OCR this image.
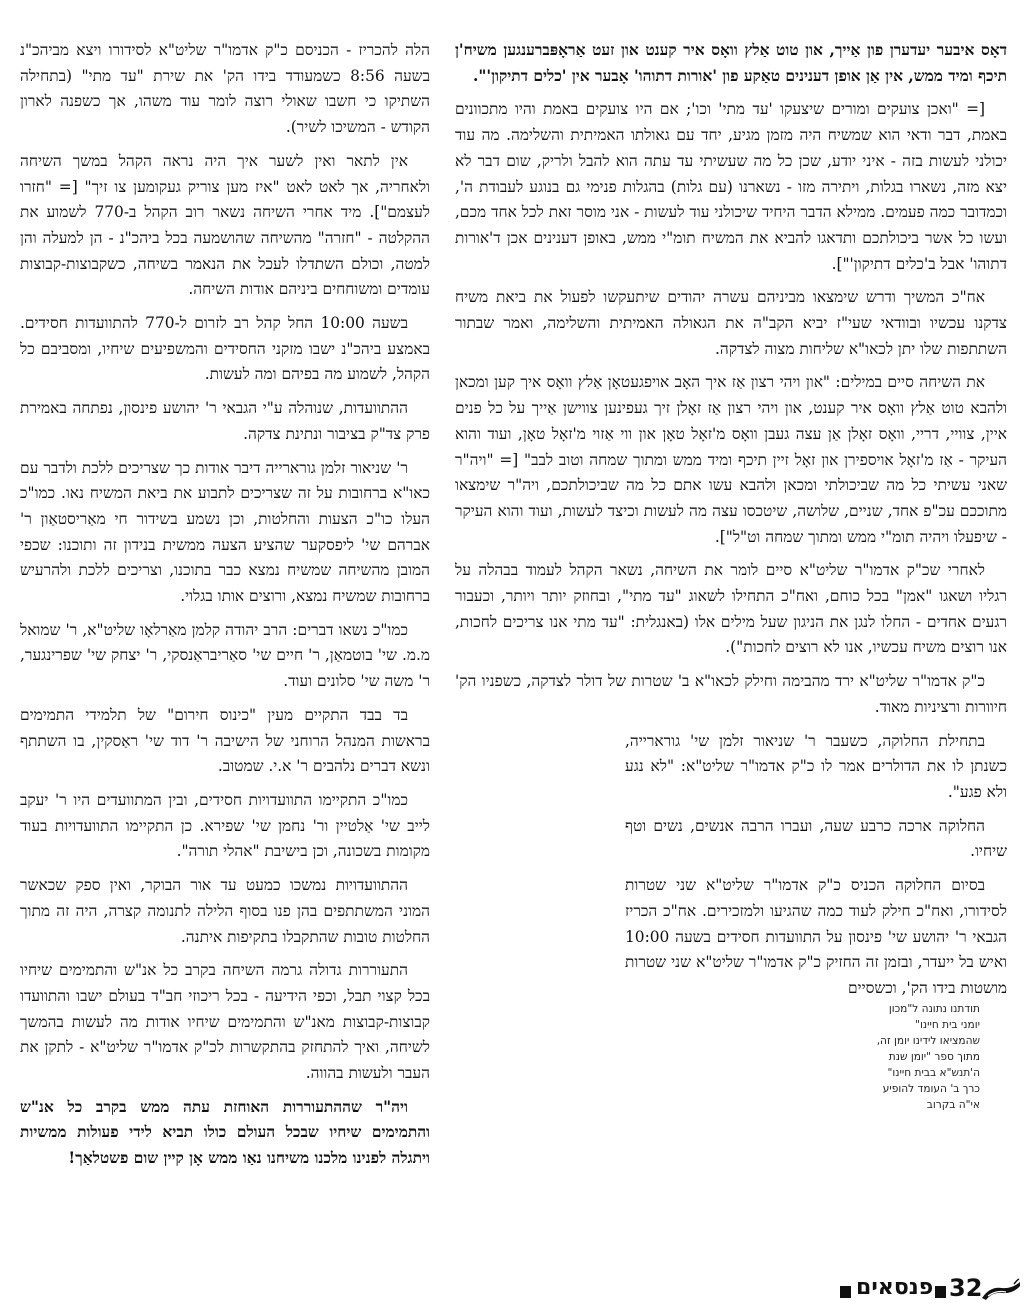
דאָס איבער יעדערן פון אַייך, און טוט אַלץ וואָס איר קענט און זעט אַראָפּברענגען משיח'ן תיכף ומיד ממש, אין אַן אופן דענינים טאַקע פון 'אורות דתוהו' אָבער אין 'כלים דתיקון'".

[= "ואכן צועקים ומורים שיצעקו 'עד מתי' וכו'; אם היו צועקים באמת והיו מתכוונים באמת, דבר ודאי הוא שמשיח היה מזמן מגיע, יחד עם גאולתו האמיתית והשלימה. מה עוד יכולני לעשות בזה - איני יודע, שכן כל מה שעשיתי עד עתה הוא להבל ולריק, שום דבר לא יצא מזה, נשארו בגלות, ויתירה מזו - נשארנו (עם גלות) בהגלות פנימי גם בנוגע לעבודת ה', וכמדובר כמה פעמים. ממילא הדבר היחיד שיכולני עוד לעשות - אני מוסר זאת לכל אחד מכם, ועשו כל אשר ביכולתכם ותדאגו להביא את המשיח תומ"י ממש, באופן דענינים אכן ד'אורות דתוהו' אבל ב'כלים דתיקון'"].

אח"כ המשיך ודרש שימצאו מביניהם עשרה יהודים שיתעקשו לפעול את ביאת משיח צדקנו עכשיו ובוודאי שעי"ז יביא הקב"ה את הגאולה האמיתית והשלימה, ואמר שבתור השתתפות שלו יתן לכאו"א שליחות מצוה לצדקה.

את השיחה סיים במילים: "און ויהי רצון אַז איך האָב אויפגעטאָן אַלץ וואָס איך קען ומכאן ולהבא טוט אַלץ וואָס איר קענט, און ויהי רצון אַז זאָלן זיך געפינען צווישן אַייך על כל פנים איין, צוויי, דריי, וואָס זאָלן אַן עצה געבן וואָס מ'זאָל טאָן און ווי אַזוי מ'זאָל טאָן, ועוד והוא העיקר - אַז מ'זאָל אויספירן און זאָל זיין תיכף ומיד ממש ומתוך שמחה וטוב לבב" [= "ויה"ר שאני עשיתי כל מה שביכולתי ומכאן ולהבא עשו אתם כל מה שביכולתכם, ויה"ר שימצאו מתוככם עכ"פ אחד, שניים, שלושה, שיטכסו עצה מה לעשות וכיצד לעשות, ועוד והוא העיקר - שיפעלו ויהיה תומ"י ממש ומתוך שמחה וט"ל"].

לאחרי שכ"ק אדמו"ר שליט"א סיים לומר את השיחה, נשאר הקהל לעמוד בבהלה על רגליו ושאגו "אמן" בכל כוחם, ואח"כ התחילו לשאוג "עד מתי", ובחוזק יותר ויותר, וכעבור רגעים אחדים - החלו לנגן את הניגון שעל מילים אלו (באנגלית: "עד מתי אנו צריכים לחכות, אנו רוצים משיח עכשיו, אנו לא רוצים לחכות").

כ"ק אדמו"ר שליט"א ירד מהבימה וחילק לכאו"א ב' שטרות של דולר לצדקה, כשפניו הק' חיוורות ורציניות מאוד.

בתחילת החלוקה, כשעבר ר' שניאור זלמן שי' גורארייה, כשנתן לו את הדולרים אמר לו כ"ק אדמו"ר שליט"א: "לא נגע ולא פגע".

החלוקה ארכה כרבע שעה, ועברו הרבה אנשים, נשים וטף שיחיו.

בסיום החלוקה הכניס כ"ק אדמו"ר שליט"א שני שטרות לסידורו, ואח"כ חילק לעוד כמה שהגיעו ולמזכירים. אח"כ הכריז הגבאי ר' יהושע שי' פינסון על התוועדות חסידים בשעה 10:00 ואיש בל ייעדר, ובזמן זה החזיק כ"ק אדמו"ר שליט"א שני שטרות מושטות בידו הק', וכשסיים

הלה להכריז - הכניסם כ"ק אדמו"ר שליט"א לסידורו ויצא מביהכ"נ בשעה 8:56 כשמעודד בידו הק' את שירת "עד מתי" (בתחילה השתיקו כי חשבו שאולי רוצה לומר עוד משהו, אך כשפנה לארון הקודש - המשיכו לשיר).

אין לתאר ואין לשער איך היה נראה הקהל במשך השיחה ולאחריה, אך לאט לאט "איז מען צוריק געקומען צו זיך" [= "חזרו לעצמם"]. מיד אחרי השיחה נשאר רוב הקהל ב-770 לשמוע את ההקלטה - "חזרה" מהשיחה שהושמעה בכל ביהכ"נ - הן למעלה והן למטה, וכולם השתדלו לעכל את הנאמר בשיחה, כשקבוצות-קבוצות עומדים ומשוחחים ביניהם אודות השיחה.

בשעה 10:00 החל קהל רב לזרום ל-770 להתוועדות חסידים. באמצע ביהכ"נ ישבו מזקני החסידים והמשפיעים שיחיו, ומסביבם כל הקהל, לשמוע מה בפיהם ומה לעשות.

ההתוועדות, שנוהלה ע"י הגבאי ר' יהושע פינסון, נפתחה באמירת פרק צד"ק בציבור ונתינת צדקה.

ר' שניאור זלמן גורארייה דיבר אודות כך שצריכים ללכת ולדבר עם כאו"א ברחובות על זה שצריכים לתבוע את ביאת המשיח נאו. כמו"כ העלו כו"כ הצעות והחלטות, וכן נשמע בשידור חי מאַריסטאַון ר' אברהם שי' ליפסקער שהציע הצעה ממשית בנידון זה ותוכנו: שכפי המובן מהשיחה שמשיח נמצא כבר בתוכנו, וצריכים ללכת ולהרעיש ברחובות שמשיח נמצא, ורוצים אותו בגלוי.

כמו"כ נשאו דברים: הרב יהודה קלמן מאַרלאָו שליט"א, ר' שמואל מ.מ. שי' בוטמאַן, ר' חיים שי' סאַריבראַנסקי, ר' יצחק שי' שפרינגער, ר' משה שי' סלונים ועוד.

בד בבד התקיים מעין "כינוס חירום" של תלמידי התמימים בראשות המנהל הרוחני של הישיבה ר' דוד שי' ראַסקין, בו השתתף ונשא דברים נלהבים ר' א.י. שמטוב.

כמו"כ התקיימו התוועדויות חסידים, ובין המתוועדים היו ר' יעקב לייב שי' אַלטיין ור' נחמן שי' שפירא. כן התקיימו התוועדויות בעוד מקומות בשכונה, וכן בישיבת "אהלי תורה".

ההתוועדויות נמשכו כמעט עד אור הבוקר, ואין ספק שכאשר המוני המשתתפים בהן פנו בסוף הלילה לתנומה קצרה, היה זה מתוך החלטות טובות שהתקבלו בתקיפות איתנה.

התעוררות גדולה גרמה השיחה בקרב כל אנ"ש והתמימים שיחיו בכל קצוי תבל, וכפי הידיעה - בכל ריכוזי חב"ד בעולם ישבו והתוועדו קבוצות-קבוצות מאנ"ש והתמימים שיחיו אודות מה לעשות בהמשך לשיחה, ואיך להתחזק בהתקשרות לכ"ק אדמו"ר שליט"א - לתקן את העבר ולעשות בהווה.

ויה"ר שההתעוררות האוחזת עתה ממש בקרב כל אנ"ש והתמימים שיחיו שבכל העולם כולו תביא לידי פעולות ממשיות ויתגלה לפנינו מלכנו משיחנו נאַו ממש אָן קיין שום פשטלאַך!

תודתנו נתונה ל"מכון
יומני בית חיינו"
שהמציאו לידינו יומן זה,
מתוך ספר "יומן שנת
ה'תנש"א בבית חיינו"
כרך ב' העומד להופיע
אי"ה בקרוב
פנסאים 32
